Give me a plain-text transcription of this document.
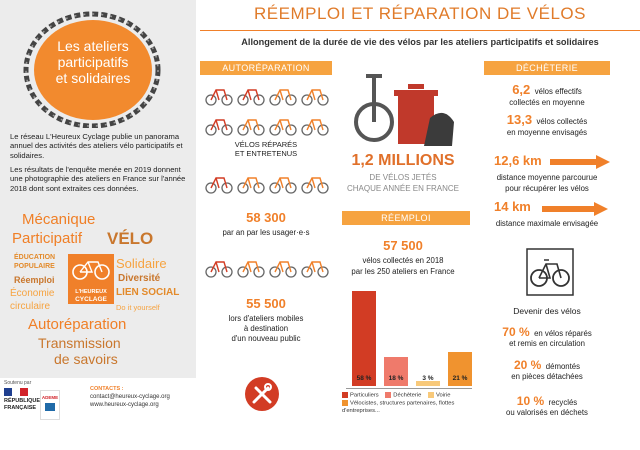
Les ateliers
participatifs
et solidaires
Le réseau L'Heureux Cyclage publie un panorama annuel des activités des ateliers vélo participatifs et solidaires.
Les résultats de l'enquête menée en 2019 donnent une photographie des ateliers en France sur l'année 2018 dont sont extraites ces données.
Mécanique
Participatif VÉLO
ÉDUCATION
POPULAIRE
Réemploi
Économie
circulaire
L'HEUREUX
CYCLAGE
Solidaire
Diversité
LIEN SOCIAL
Do it yourself
Autoréparation
Transmission
de savoirs
Soutenu par
RÉPUBLIQUE
FRANÇAISE
ADEME
CONTACTS :
contact@heureux-cyclage.org
www.heureux-cyclage.org
RÉEMPLOI ET RÉPARATION DE VÉLOS
Allongement de la durée de vie des vélos par les ateliers participatifs et solidaires
AUTORÉPARATION
VÉLOS RÉPARÉS
ET ENTRETENUS
58 300
par an par les usager·e·s
55 500
lors d'ateliers mobiles
à destination
d'un nouveau public
1,2 MILLIONS
DE VÉLOS JETÉS
CHAQUE ANNÉE EN FRANCE
RÉEMPLOI
57 500
vélos collectés en 2018
par les 250 ateliers en France
58 %	18 %	3 %	21 %
Particuliers	Déchèterie	Voirie
Vélocistes, structures partenaires, flottes d'entreprises...
DÉCHÈTERIE
6,2 vélos effectifs
collectés en moyenne
13,3 vélos collectés
en moyenne envisagés
12,6 km
distance moyenne parcourue
pour récupérer les vélos
14 km
distance maximale envisagée
Devenir des vélos
70 % en vélos réparés
et remis en circulation
20 % démontés
en pièces détachées
10 % recyclés
ou valorisés en déchets
